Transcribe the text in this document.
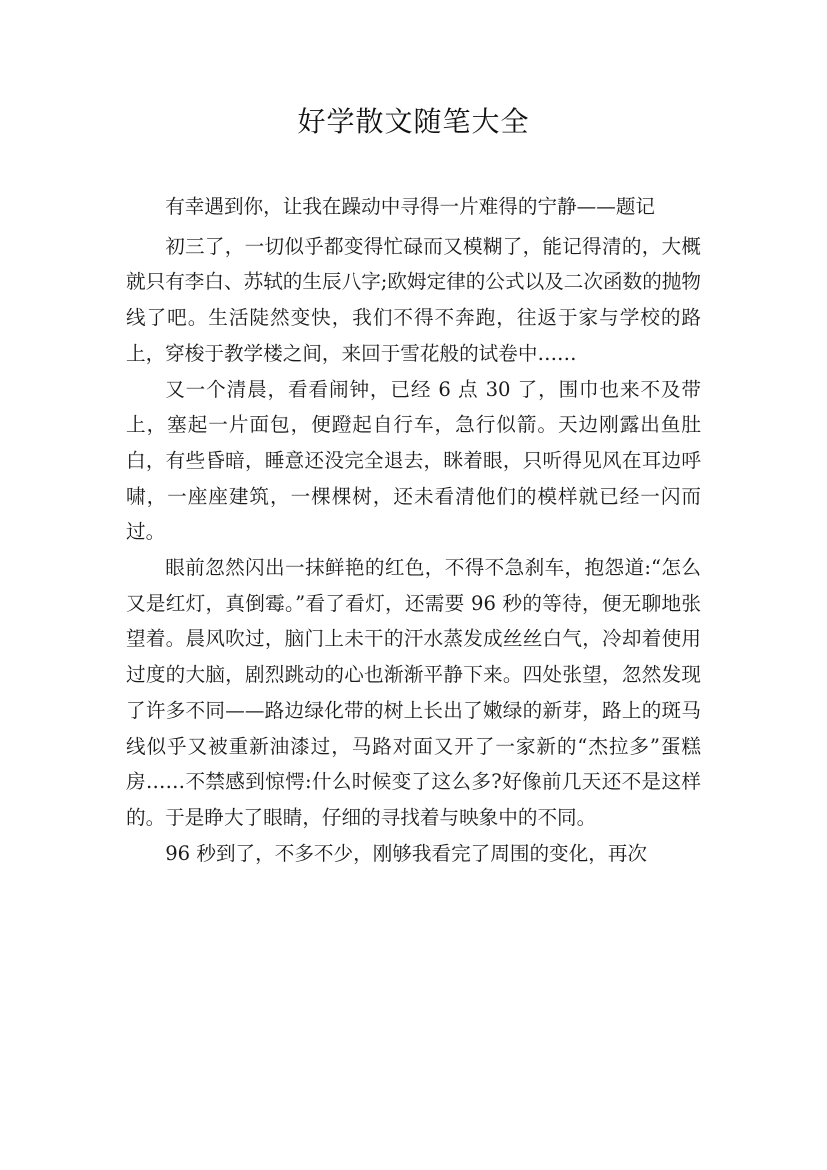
好学散文随笔大全

有幸遇到你，让我在躁动中寻得一片难得的宁静——题记

初三了，一切似乎都变得忙碌而又模糊了，能记得清的，大概就只有李白、苏轼的生辰八字;欧姆定律的公式以及二次函数的抛物线了吧。生活陡然变快，我们不得不奔跑，往返于家与学校的路上，穿梭于教学楼之间，来回于雪花般的试卷中……

又一个清晨，看看闹钟，已经 6 点 30 了，围巾也来不及带上，塞起一片面包，便蹬起自行车，急行似箭。天边刚露出鱼肚白，有些昏暗，睡意还没完全退去，眯着眼，只听得见风在耳边呼啸，一座座建筑，一棵棵树，还未看清他们的模样就已经一闪而过。

眼前忽然闪出一抹鲜艳的红色，不得不急刹车，抱怨道:“怎么又是红灯，真倒霉。”看了看灯，还需要 96 秒的等待，便无聊地张望着。晨风吹过，脑门上未干的汗水蒸发成丝丝白气，冷却着使用过度的大脑，剧烈跳动的心也渐渐平静下来。四处张望，忽然发现了许多不同——路边绿化带的树上长出了嫩绿的新芽，路上的斑马线似乎又被重新油漆过，马路对面又开了一家新的“杰拉多”蛋糕房……不禁感到惊愕:什么时候变了这么多?好像前几天还不是这样的。于是睁大了眼睛，仔细的寻找着与映象中的不同。

96 秒到了，不多不少，刚够我看完了周围的变化，再次
